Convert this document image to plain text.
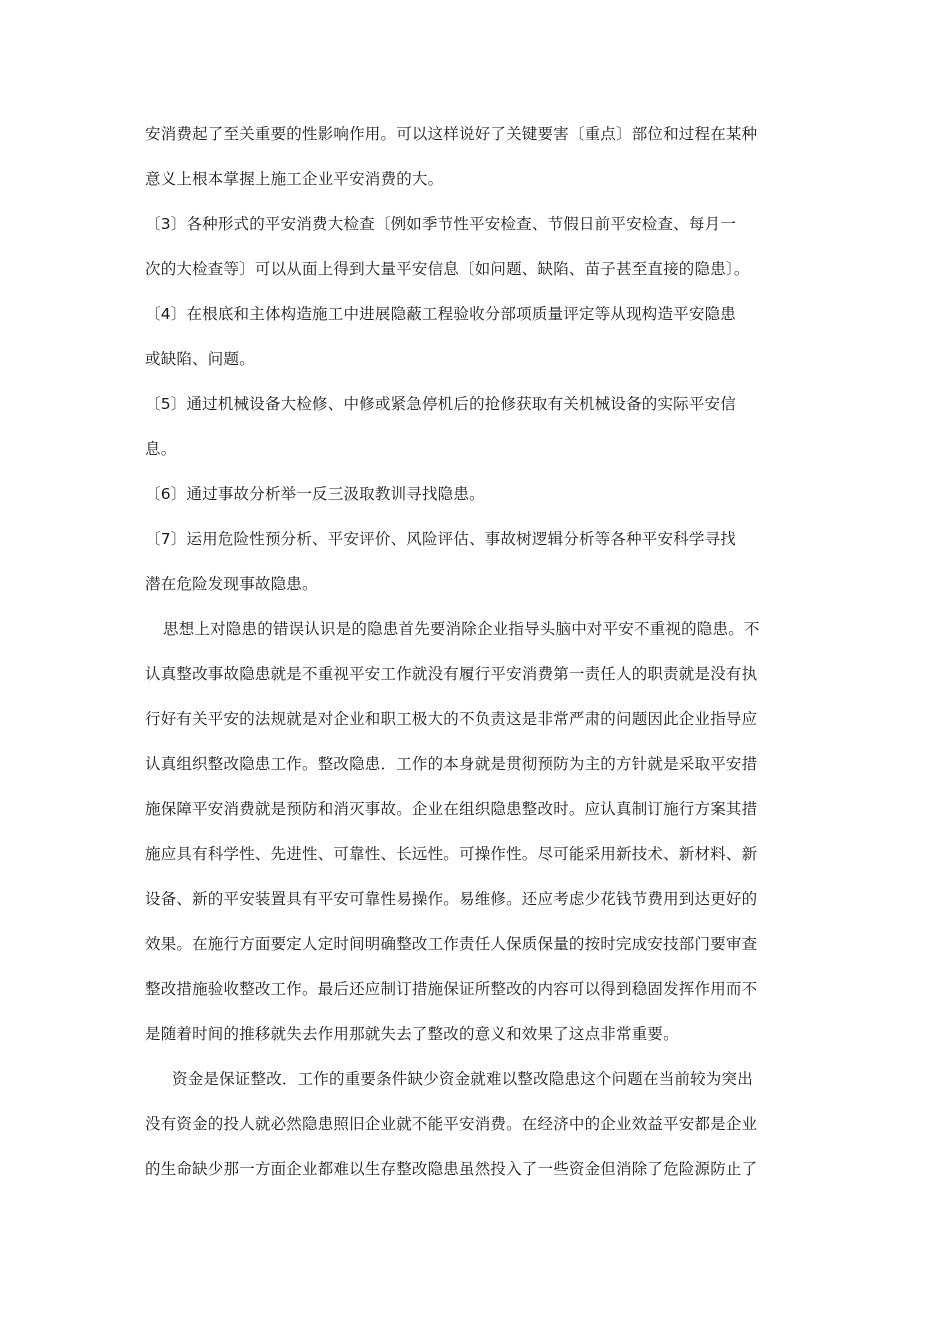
安消费起了至关重要的性影响作用。可以这样说好了关键要害〔重点〕部位和过程在某种
意义上根本掌握上施工企业平安消费的大。
〔3〕各种形式的平安消费大检查〔例如季节性平安检查、节假日前平安检查、每月一
次的大检查等〕可以从面上得到大量平安信息〔如问题、缺陷、苗子甚至直接的隐患〕。
〔4〕在根底和主体构造施工中进展隐蔽工程验收分部项质量评定等从现构造平安隐患
或缺陷、问题。
〔5〕通过机械设备大检修、中修或紧急停机后的抢修获取有关机械设备的实际平安信
息。
〔6〕通过事故分析举一反三汲取教训寻找隐患。
〔7〕运用危险性预分析、平安评价、风险评估、事故树逻辑分析等各种平安科学寻找
潜在危险发现事故隐患。
思想上对隐患的错误认识是的隐患首先要消除企业指导头脑中对平安不重视的隐患。不
认真整改事故隐患就是不重视平安工作就没有履行平安消费第一责任人的职责就是没有执
行好有关平安的法规就是对企业和职工极大的不负责这是非常严肃的问题因此企业指导应
认真组织整改隐患工作。整改隐患．工作的本身就是贯彻预防为主的方针就是采取平安措
施保障平安消费就是预防和消灭事故。企业在组织隐患整改时。应认真制订施行方案其措
施应具有科学性、先进性、可靠性、长远性。可操作性。尽可能采用新技术、新材料、新
设备、新的平安装置具有平安可靠性易操作。易维修。还应考虑少花钱节费用到达更好的
效果。在施行方面要定人定时间明确整改工作责任人保质保量的按时完成安技部门要审查
整改措施验收整改工作。最后还应制订措施保证所整改的内容可以得到稳固发挥作用而不
是随着时间的推移就失去作用那就失去了整改的意义和效果了这点非常重要。
资金是保证整改．工作的重要条件缺少资金就难以整改隐患这个问题在当前较为突出
没有资金的投人就必然隐患照旧企业就不能平安消费。在经济中的企业效益平安都是企业
的生命缺少那一方面企业都难以生存整改隐患虽然投入了一些资金但消除了危险源防止了
